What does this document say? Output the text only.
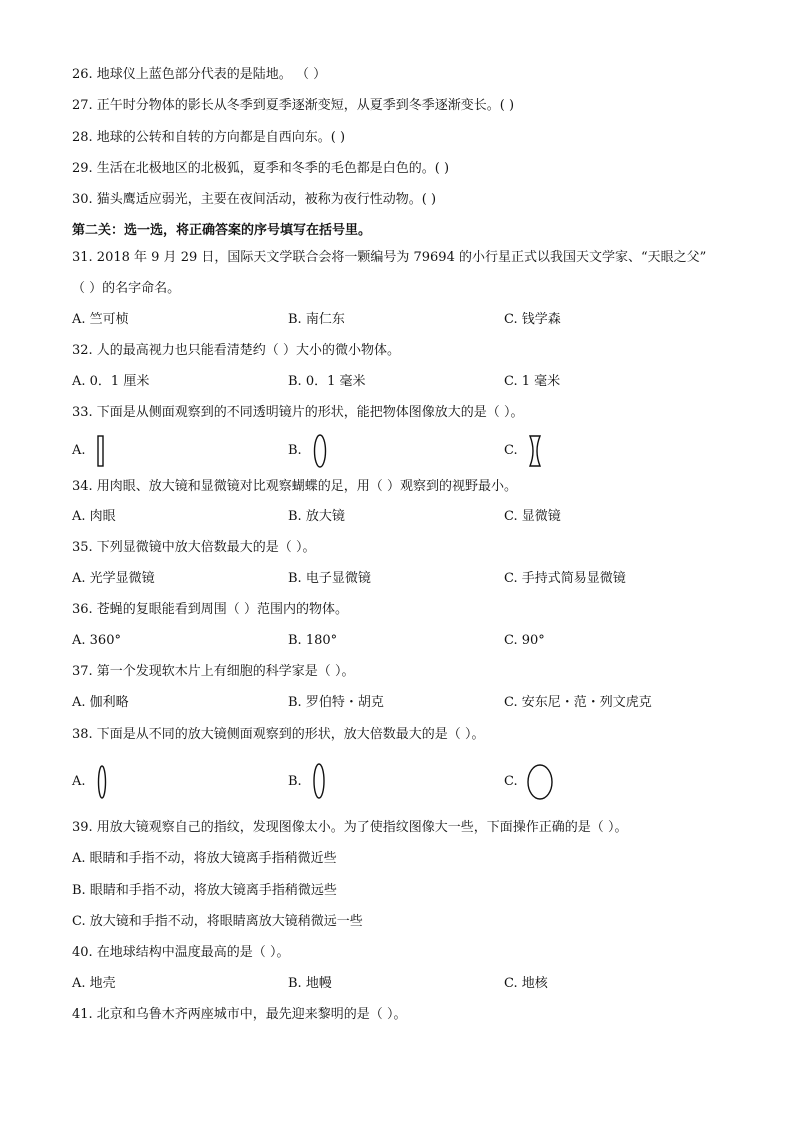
26. 地球仪上蓝色部分代表的是陆地。 （ ）
27. 正午时分物体的影长从冬季到夏季逐渐变短，从夏季到冬季逐渐变长。( )
28. 地球的公转和自转的方向都是自西向东。( )
29. 生活在北极地区的北极狐，夏季和冬季的毛色都是白色的。( )
30. 猫头鹰适应弱光，主要在夜间活动，被称为夜行性动物。( )
第二关：选一选，将正确答案的序号填写在括号里。
31. 2018 年 9 月 29 日，国际天文学联合会将一颗编号为 79694 的小行星正式以我国天文学家、“天眼之父”
（ ）的名字命名。
A. 竺可桢	B. 南仁东	C. 钱学森
32. 人的最高视力也只能看清楚约（ ）大小的微小物体。
A. 0．1 厘米	B. 0．1 毫米	C. 1 毫米
33. 下面是从侧面观察到的不同透明镜片的形状，能把物体图像放大的是（ ）。
A.	B.	C.
34. 用肉眼、放大镜和显微镜对比观察蝴蝶的足，用（ ）观察到的视野最小。
A. 肉眼	B. 放大镜	C. 显微镜
35. 下列显微镜中放大倍数最大的是（ ）。
A. 光学显微镜	B. 电子显微镜	C. 手持式简易显微镜
36. 苍蝇的复眼能看到周围（ ）范围内的物体。
A. 360°	B. 180°	C. 90°
37. 第一个发现软木片上有细胞的科学家是（ ）。
A. 伽利略	B. 罗伯特・胡克	C. 安东尼・范・列文虎克
38. 下面是从不同的放大镜侧面观察到的形状，放大倍数最大的是（ ）。
A.	B.	C.
39. 用放大镜观察自己的指纹，发现图像太小。为了使指纹图像大一些，下面操作正确的是（ ）。
A. 眼睛和手指不动，将放大镜离手指稍微近些
B. 眼睛和手指不动，将放大镜离手指稍微远些
C. 放大镜和手指不动，将眼睛离放大镜稍微远一些
40. 在地球结构中温度最高的是（ ）。
A. 地壳	B. 地幔	C. 地核
41. 北京和乌鲁木齐两座城市中，最先迎来黎明的是（ ）。
